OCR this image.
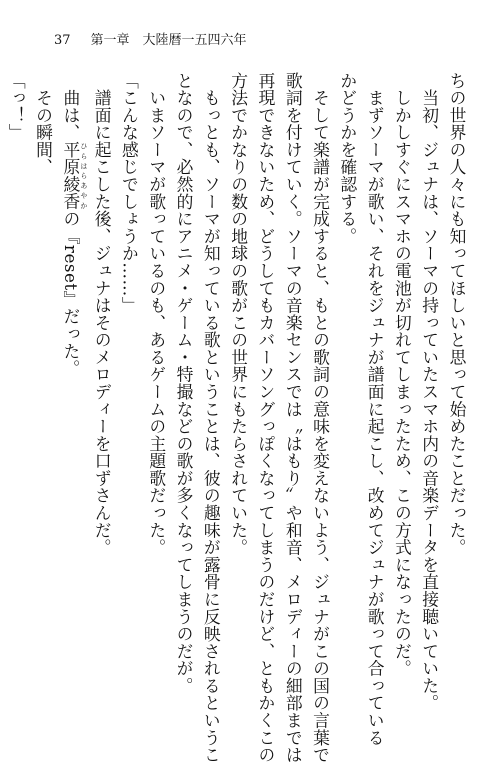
37 第一章　大陸暦一五四六年

ちの世界の人々にも知ってほしいと思って始めたことだった。

　当初、ジュナは、ソーマの持っていたスマホ内の音楽データを直接聴いていた。

　しかしすぐにスマホの電池が切れてしまったため、この方式になったのだ。

　まずソーマが歌い、それをジュナが譜面に起こし、改めてジュナが歌って合っている

かどうかを確認する。

　そして楽譜が完成すると、もとの歌詞の意味を変えないよう、ジュナがこの国の言葉で

歌詞を付けていく。ソーマの音楽センスでは〝はもり〟や和音、メロディーの細部までは

再現できないため、どうしてもカバーソングっぽくなってしまうのだけど、ともかくこの

方法でかなりの数の地球の歌がこの世界にもたらされていた。

　もっとも、ソーマが知っている歌ということは、彼の趣味が露骨に反映されるというこ

となので、必然的にアニメ・ゲーム・特撮などの歌が多くなってしまうのだが。

　いまソーマが歌っているのも、あるゲームの主題歌だった。

「こんな感じでしょうか……」

　譜面に起こした後、ジュナはそのメロディーを口ずさんだ。

　曲は、平原綾香 ひらはらあやかの『reset』だった。

　その瞬間、

「っ！」
